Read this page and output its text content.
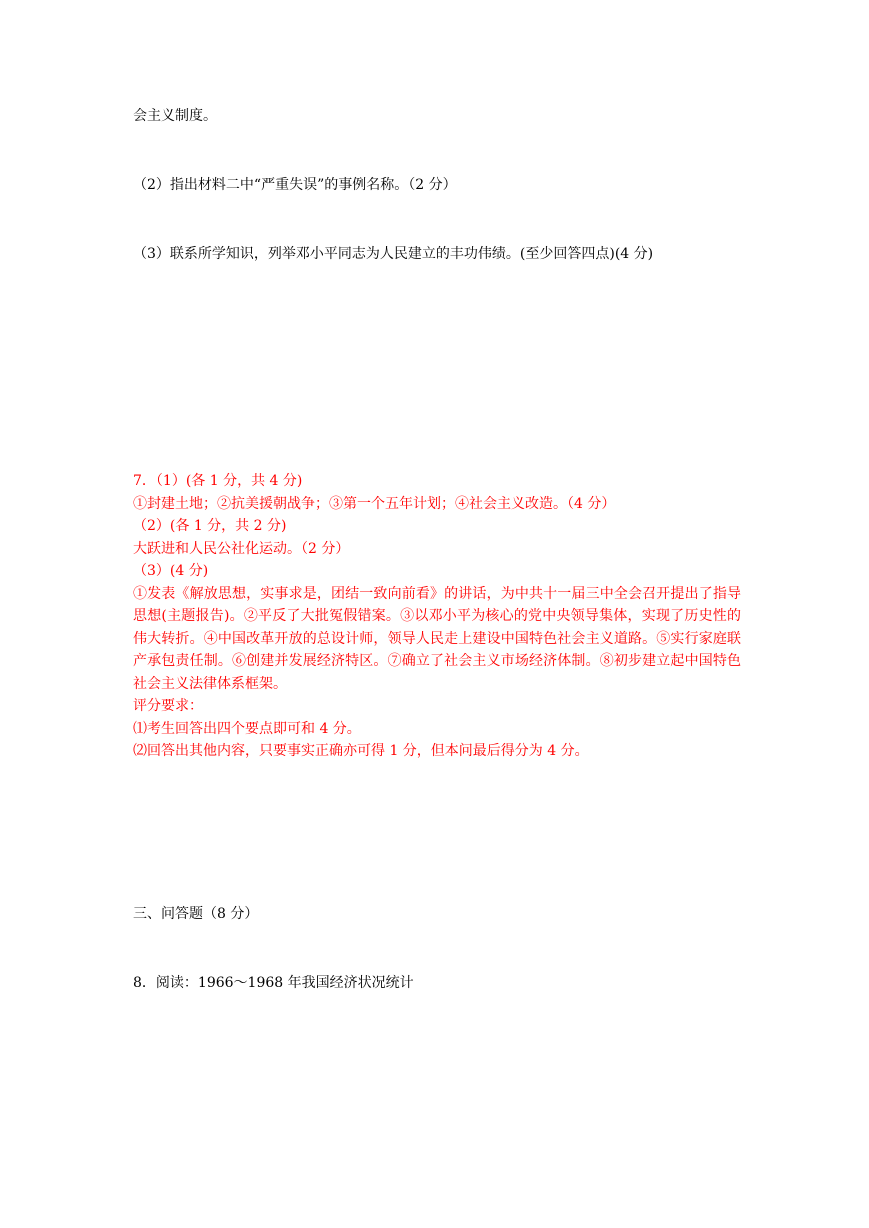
会主义制度。
（2）指出材料二中“严重失误”的事例名称。（2 分）
（3）联系所学知识，列举邓小平同志为人民建立的丰功伟绩。(至少回答四点)(4 分)
7．（1）(各 1 分，共 4 分)
①封建土地；②抗美援朝战争；③第一个五年计划；④社会主义改造。（4 分）
（2）(各 1 分，共 2 分)
大跃进和人民公社化运动。（2 分）
（3）(4 分)
①发表《解放思想，实事求是，团结一致向前看》的讲话，为中共十一届三中全会召开提出了指导思想(主题报告)。②平反了大批冤假错案。③以邓小平为核心的党中央领导集体，实现了历史性的伟大转折。④中国改革开放的总设计师，领导人民走上建设中国特色社会主义道路。⑤实行家庭联产承包责任制。⑥创建并发展经济特区。⑦确立了社会主义市场经济体制。⑧初步建立起中国特色社会主义法律体系框架。
评分要求：
⑴考生回答出四个要点即可和 4 分。
⑵回答出其他内容，只要事实正确亦可得 1 分，但本问最后得分为 4 分。
三、问答题（8 分）
8．阅读：1966～1968 年我国经济状况统计
